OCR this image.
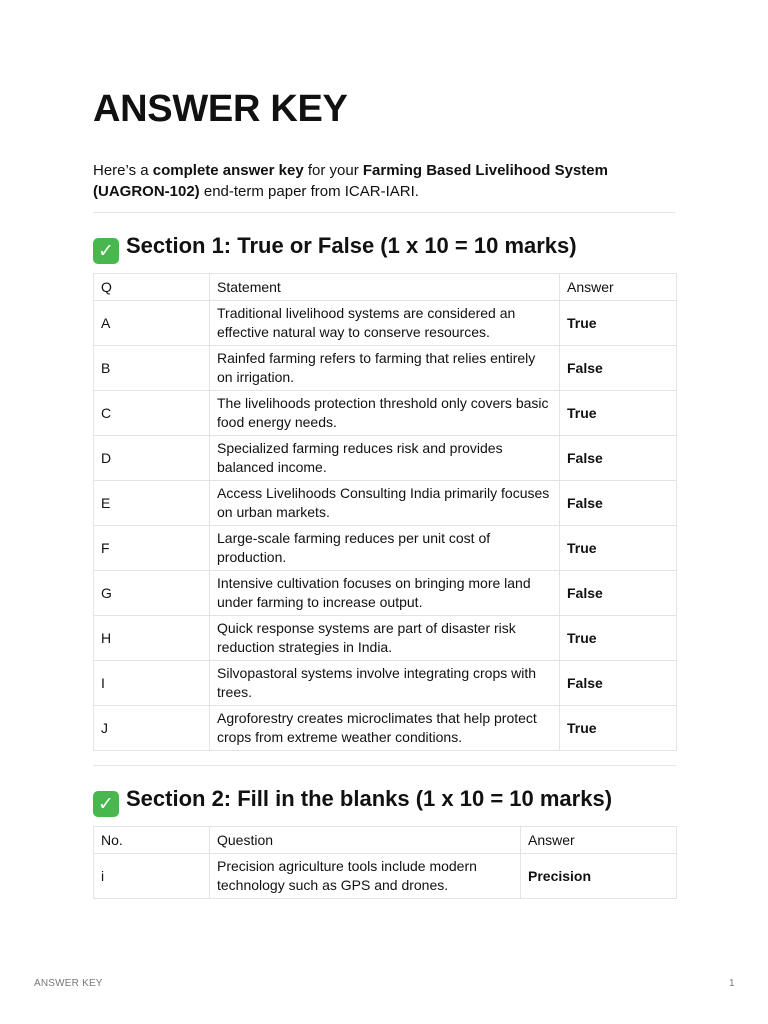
ANSWER KEY

Here’s a complete answer key for your Farming Based Livelihood System (UAGRON-102) end-term paper from ICAR-IARI.

✓ Section 1: True or False (1 x 10 = 10 marks)
Q	Statement	Answer
A	Traditional livelihood systems are considered an effective natural way to conserve resources.	True
B	Rainfed farming refers to farming that relies entirely on irrigation.	False
C	The livelihoods protection threshold only covers basic food energy needs.	True
D	Specialized farming reduces risk and provides balanced income.	False
E	Access Livelihoods Consulting India primarily focuses on urban markets.	False
F	Large-scale farming reduces per unit cost of production.	True
G	Intensive cultivation focuses on bringing more land under farming to increase output.	False
H	Quick response systems are part of disaster risk reduction strategies in India.	True
I	Silvopastoral systems involve integrating crops with trees.	False
J	Agroforestry creates microclimates that help protect crops from extreme weather conditions.	True
✓ Section 2: Fill in the blanks (1 x 10 = 10 marks)
No.	Question	Answer
i	Precision agriculture tools include modern technology such as GPS and drones.	Precision
ANSWER KEY	1
